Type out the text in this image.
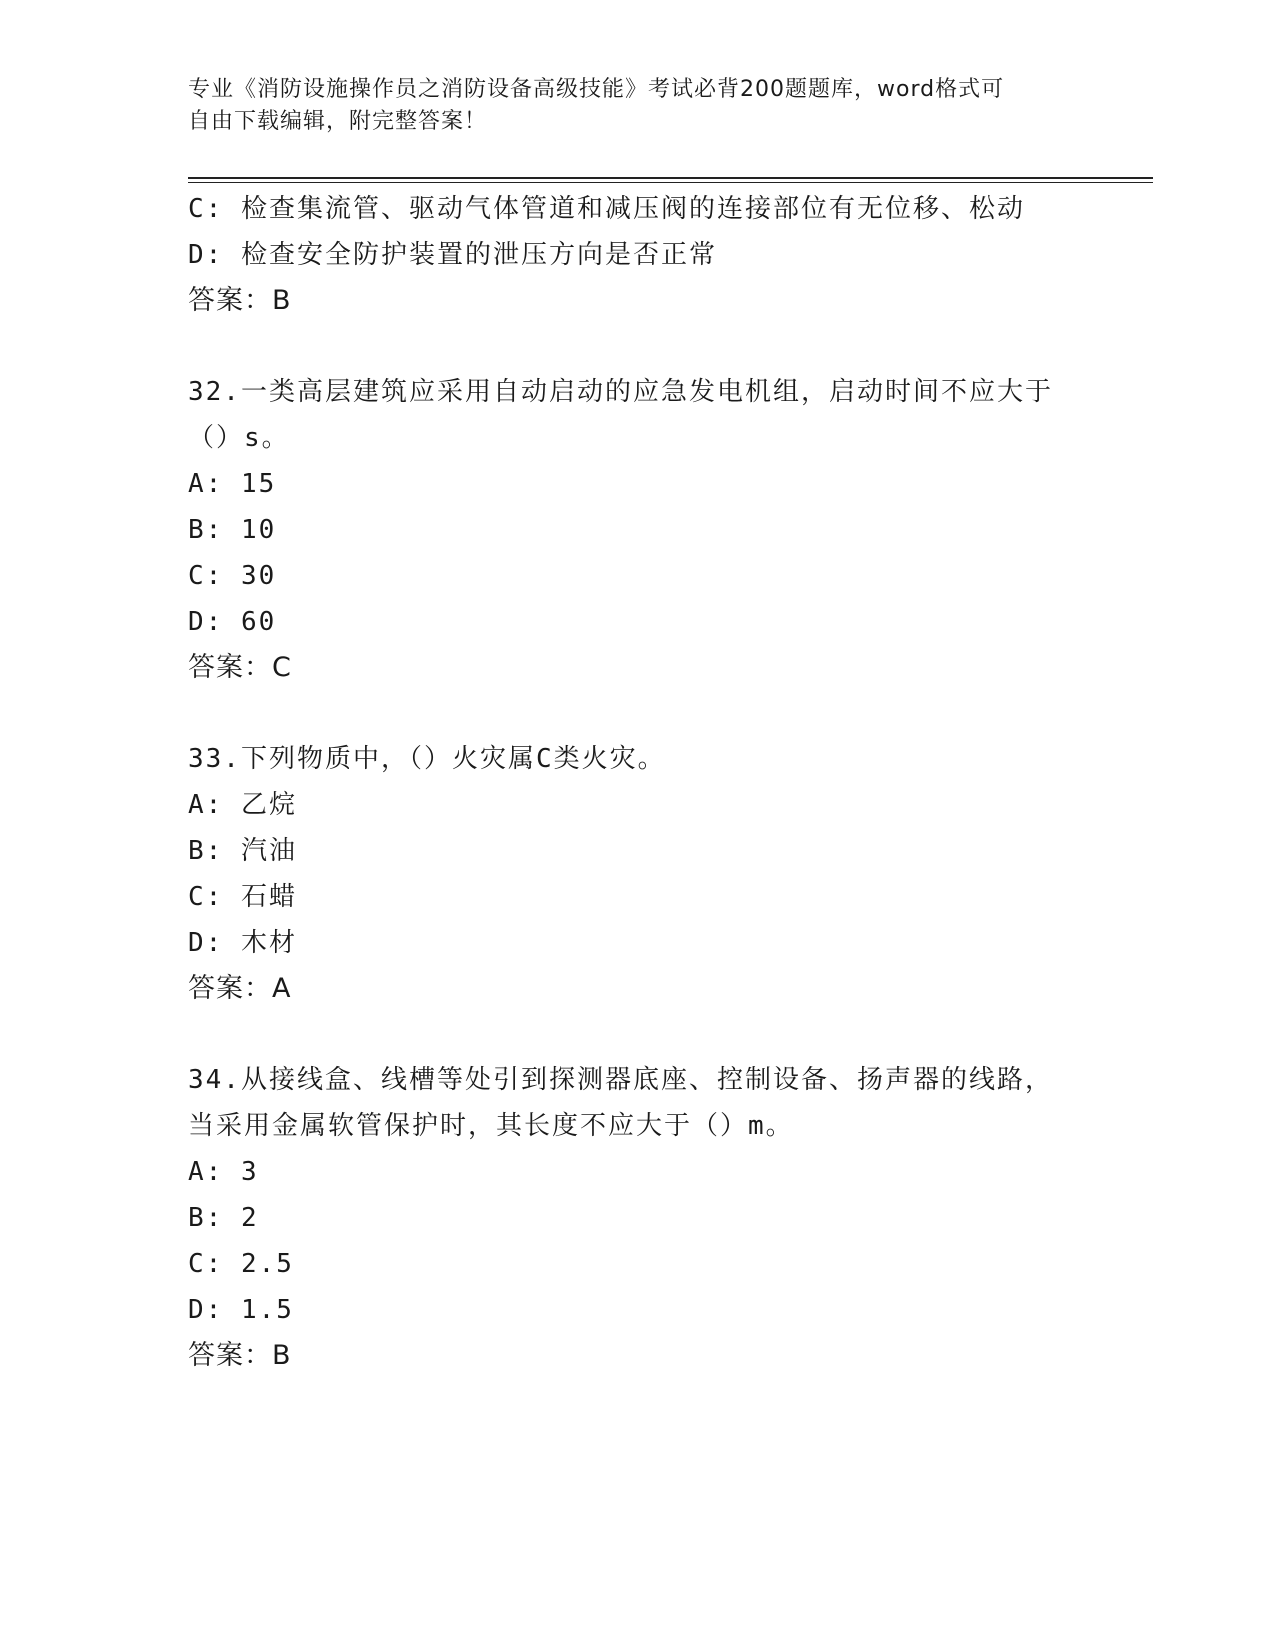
专业《消防设施操作员之消防设备高级技能》考试必背200题题库，word格式可
自由下载编辑，附完整答案！
C: 检查集流管、驱动气体管道和减压阀的连接部位有无位移、松动
D: 检查安全防护装置的泄压方向是否正常
答案：B
32.一类高层建筑应采用自动启动的应急发电机组，启动时间不应大于
（）s。
A: 15
B: 10
C: 30
D: 60
答案：C
33.下列物质中，（）火灾属C类火灾。
A: 乙烷
B: 汽油
C: 石蜡
D: 木材
答案：A
34.从接线盒、线槽等处引到探测器底座、控制设备、扬声器的线路，
当采用金属软管保护时，其长度不应大于（）m。
A: 3
B: 2
C: 2.5
D: 1.5
答案：B
